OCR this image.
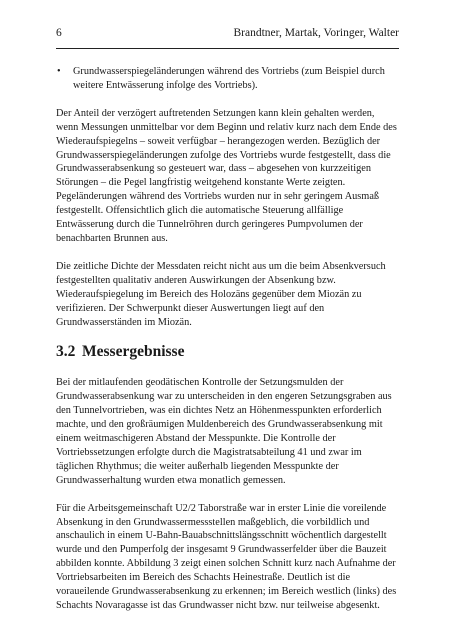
6	Brandtner, Martak, Voringer, Walter
• Grundwasserspiegeländerungen während des Vortriebs (zum Beispiel durch weitere Entwässerung infolge des Vortriebs).

Der Anteil der verzögert auftretenden Setzungen kann klein gehalten werden, wenn Messungen unmittelbar vor dem Beginn und relativ kurz nach dem Ende des Wiederaufspiegelns – soweit verfügbar – herangezogen werden. Bezüglich der Grundwasserspiegeländerungen zufolge des Vortriebs wurde festgestellt, dass die Grundwasserabsenkung so gesteuert war, dass – abgesehen von kurzzeitigen Störungen – die Pegel langfristig weitgehend konstante Werte zeigten. Pegeländerungen während des Vortriebs wurden nur in sehr geringem Ausmaß festgestellt. Offensichtlich glich die automatische Steuerung allfällige Entwässerung durch die Tunnelröhren durch geringeres Pumpvolumen der benachbarten Brunnen aus.

Die zeitliche Dichte der Messdaten reicht nicht aus um die beim Absenkversuch festgestellten qualitativ anderen Auswirkungen der Absenkung bzw. Wiederaufspiegelung im Bereich des Holozäns gegenüber dem Miozän zu verifizieren. Der Schwerpunkt dieser Auswertungen liegt auf den Grundwasserständen im Miozän.

3.2 Messergebnisse

Bei der mitlaufenden geodätischen Kontrolle der Setzungsmulden der Grundwasserabsenkung war zu unterscheiden in den engeren Setzungsgraben aus den Tunnelvortrieben, was ein dichtes Netz an Höhenmesspunkten erforderlich machte, und den großräumigen Muldenbereich des Grundwasserabsenkung mit einem weitmaschigeren Abstand der Messpunkte. Die Kontrolle der Vortriebssetzungen erfolgte durch die Magistratsabteilung 41 und zwar im täglichen Rhythmus; die weiter außerhalb liegenden Messpunkte der Grundwasserhaltung wurden etwa monatlich gemessen.

Für die Arbeitsgemeinschaft U2/2 Taborstraße war in erster Linie die voreilende Absenkung in den Grundwassermessstellen maßgeblich, die vorbildlich und anschaulich in einem U-Bahn-Bauabschnittslängsschnitt wöchentlich dargestellt wurde und den Pumperfolg der insgesamt 9 Grundwasserfelder über die Bauzeit abbilden konnte. Abbildung 3 zeigt einen solchen Schnitt kurz nach Aufnahme der Vortriebsarbeiten im Bereich des Schachts Heinestraße. Deutlich ist die voraueilende Grundwasserabsenkung zu erkennen; im Bereich westlich (links) des Schachts Novaragasse ist das Grundwasser nicht bzw. nur teilweise abgesenkt.
